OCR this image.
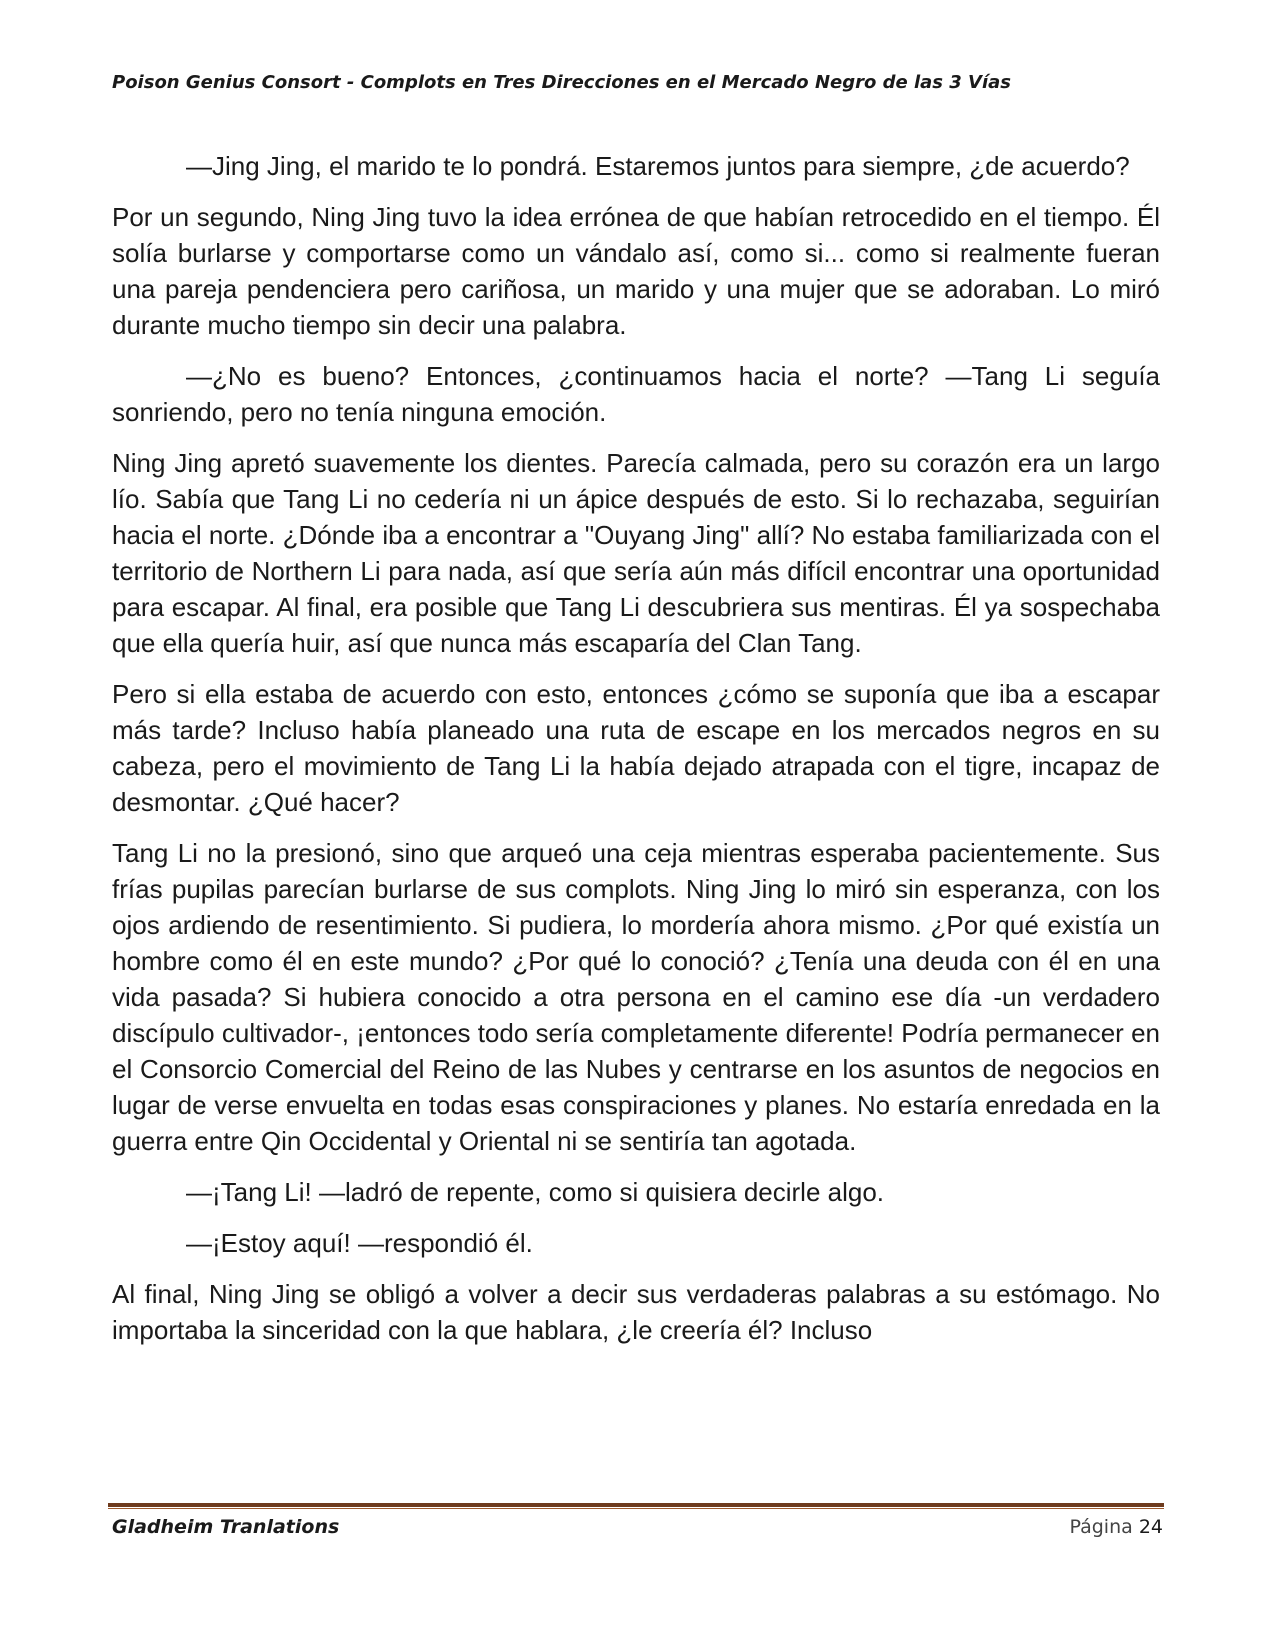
Poison Genius Consort - Complots en Tres Direcciones en el Mercado Negro de las 3 Vías

—Jing Jing, el marido te lo pondrá. Estaremos juntos para siempre, ¿de acuerdo?

Por un segundo, Ning Jing tuvo la idea errónea de que habían retrocedido en el tiempo. Él solía burlarse y comportarse como un vándalo así, como si... como si realmente fueran una pareja pendenciera pero cariñosa, un marido y una mujer que se adoraban. Lo miró durante mucho tiempo sin decir una palabra.

—¿No es bueno? Entonces, ¿continuamos hacia el norte? —Tang Li seguía sonriendo, pero no tenía ninguna emoción.

Ning Jing apretó suavemente los dientes. Parecía calmada, pero su corazón era un largo lío. Sabía que Tang Li no cedería ni un ápice después de esto. Si lo rechazaba, seguirían hacia el norte. ¿Dónde iba a encontrar a "Ouyang Jing" allí? No estaba familiarizada con el territorio de Northern Li para nada, así que sería aún más difícil encontrar una oportunidad para escapar. Al final, era posible que Tang Li descubriera sus mentiras. Él ya sospechaba que ella quería huir, así que nunca más escaparía del Clan Tang.

Pero si ella estaba de acuerdo con esto, entonces ¿cómo se suponía que iba a escapar más tarde? Incluso había planeado una ruta de escape en los mercados negros en su cabeza, pero el movimiento de Tang Li la había dejado atrapada con el tigre, incapaz de desmontar. ¿Qué hacer?

Tang Li no la presionó, sino que arqueó una ceja mientras esperaba pacientemente. Sus frías pupilas parecían burlarse de sus complots. Ning Jing lo miró sin esperanza, con los ojos ardiendo de resentimiento. Si pudiera, lo mordería ahora mismo. ¿Por qué existía un hombre como él en este mundo? ¿Por qué lo conoció? ¿Tenía una deuda con él en una vida pasada? Si hubiera conocido a otra persona en el camino ese día -un verdadero discípulo cultivador-, ¡entonces todo sería completamente diferente! Podría permanecer en el Consorcio Comercial del Reino de las Nubes y centrarse en los asuntos de negocios en lugar de verse envuelta en todas esas conspiraciones y planes. No estaría enredada en la guerra entre Qin Occidental y Oriental ni se sentiría tan agotada.

—¡Tang Li! —ladró de repente, como si quisiera decirle algo.

—¡Estoy aquí! —respondió él.

Al final, Ning Jing se obligó a volver a decir sus verdaderas palabras a su estómago. No importaba la sinceridad con la que hablara, ¿le creería él? Incluso

Gladheim Tranlations	Página 24
